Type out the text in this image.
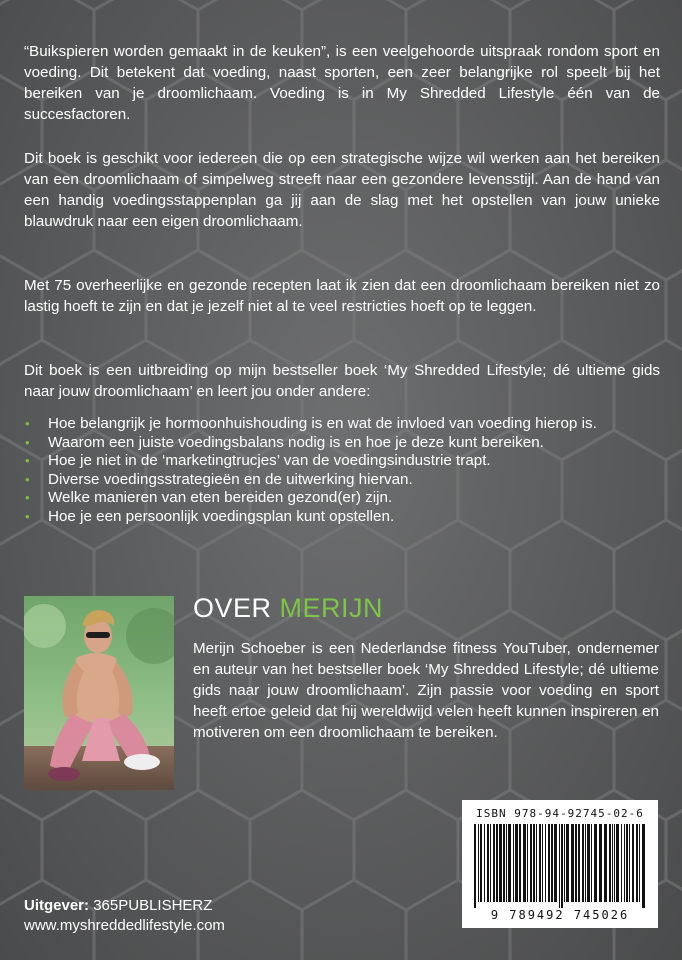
“Buikspieren worden gemaakt in de keuken”, is een veelgehoorde uitspraak rondom sport en voeding. Dit betekent dat voeding, naast sporten, een zeer belangrijke rol speelt bij het bereiken van je droomlichaam. Voeding is in My Shredded Lifestyle één van de succesfactoren.
Dit boek is geschikt voor iedereen die op een strategische wijze wil werken aan het bereiken van een droomlichaam of simpelweg streeft naar een gezondere levensstijl. Aan de hand van een handig voedingsstappenplan ga jij aan de slag met het opstellen van jouw unieke blauwdruk naar een eigen droomlichaam.
Met 75 overheerlijke en gezonde recepten laat ik zien dat een droomlichaam bereiken niet zo lastig hoeft te zijn en dat je jezelf niet al te veel restricties hoeft op te leggen.
Dit boek is een uitbreiding op mijn bestseller boek ‘My Shredded Lifestyle; dé ultieme gids naar jouw droomlichaam’ en leert jou onder andere:
• Hoe belangrijk je hormoonhuishouding is en wat de invloed van voeding hierop is.
• Waarom een juiste voedingsbalans nodig is en hoe je deze kunt bereiken.
• Hoe je niet in de ‘marketingtrucjes’ van de voedingsindustrie trapt.
• Diverse voedingsstrategieën en de uitwerking hiervan.
• Welke manieren van eten bereiden gezond(er) zijn.
• Hoe je een persoonlijk voedingsplan kunt opstellen.
OVER MERIJN
Merijn Schoeber is een Nederlandse fitness YouTuber, ondernemer en auteur van het bestseller boek ‘My Shredded Lifestyle; dé ultieme gids naar jouw droomlichaam’. Zijn passie voor voeding en sport heeft ertoe geleid dat hij wereldwijd velen heeft kunnen inspireren en motiveren om een droomlichaam te bereiken.
ISBN 978-94-92745-02-6
9 789492 745026
Uitgever: 365PUBLISHERZ
www.myshreddedlifestyle.com
